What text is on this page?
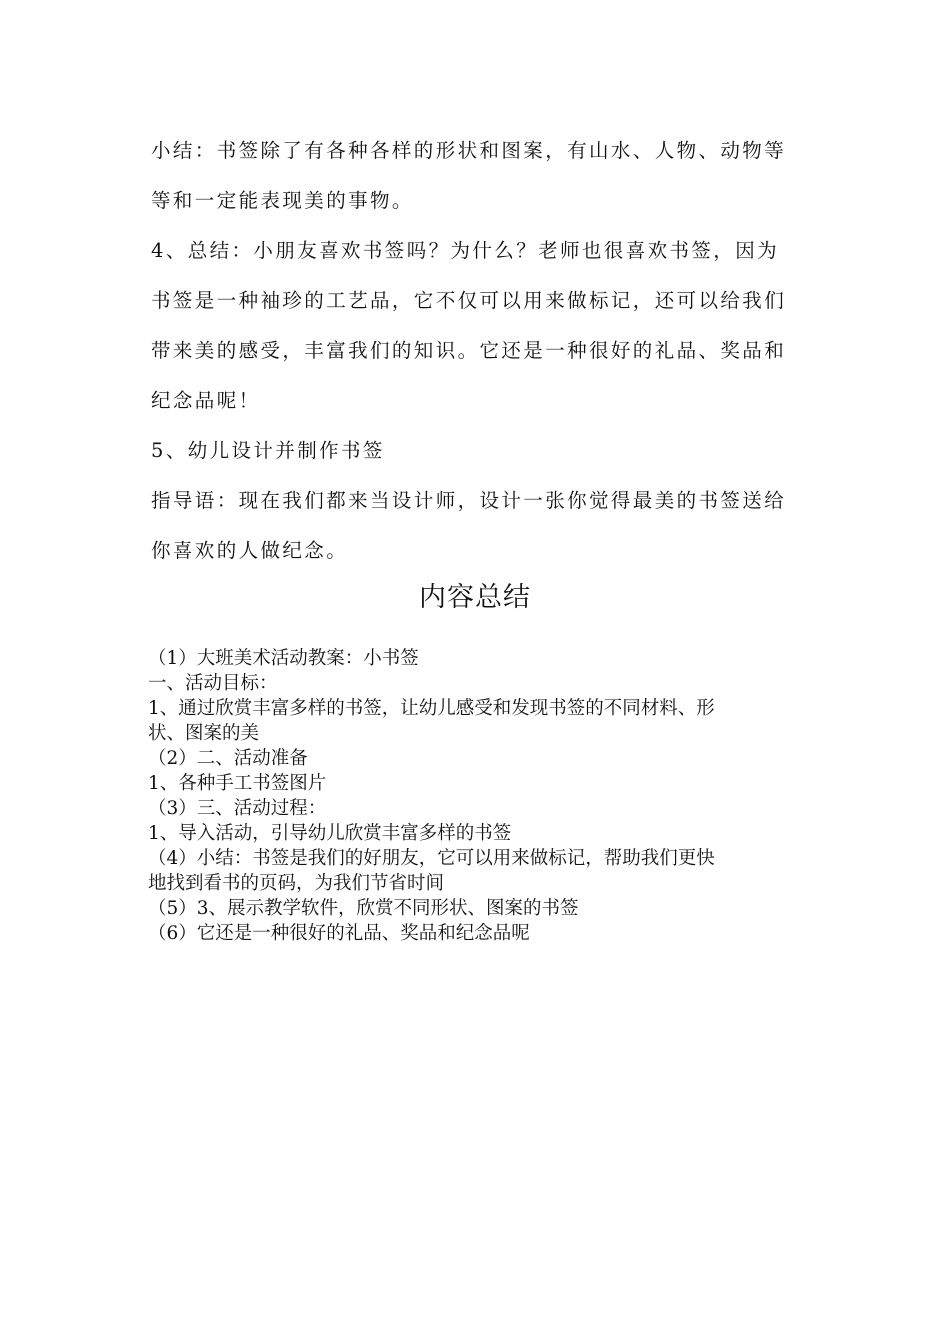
小结：书签除了有各种各样的形状和图案，有山水、人物、动物等

等和一定能表现美的事物。

4、总结：小朋友喜欢书签吗？为什么？老师也很喜欢书签，因为

书签是一种袖珍的工艺品，它不仅可以用来做标记，还可以给我们

带来美的感受，丰富我们的知识。它还是一种很好的礼品、奖品和

纪念品呢！

5、幼儿设计并制作书签

指导语：现在我们都来当设计师，设计一张你觉得最美的书签送给

你喜欢的人做纪念。

内容总结

（1）大班美术活动教案：小书签

一、活动目标：

1、通过欣赏丰富多样的书签，让幼儿感受和发现书签的不同材料、形

状、图案的美

（2）二、活动准备

1、各种手工书签图片

（3）三、活动过程：

1、导入活动，引导幼儿欣赏丰富多样的书签

（4）小结：书签是我们的好朋友，它可以用来做标记，帮助我们更快

地找到看书的页码，为我们节省时间

（5）3、展示教学软件，欣赏不同形状、图案的书签

（6）它还是一种很好的礼品、奖品和纪念品呢
